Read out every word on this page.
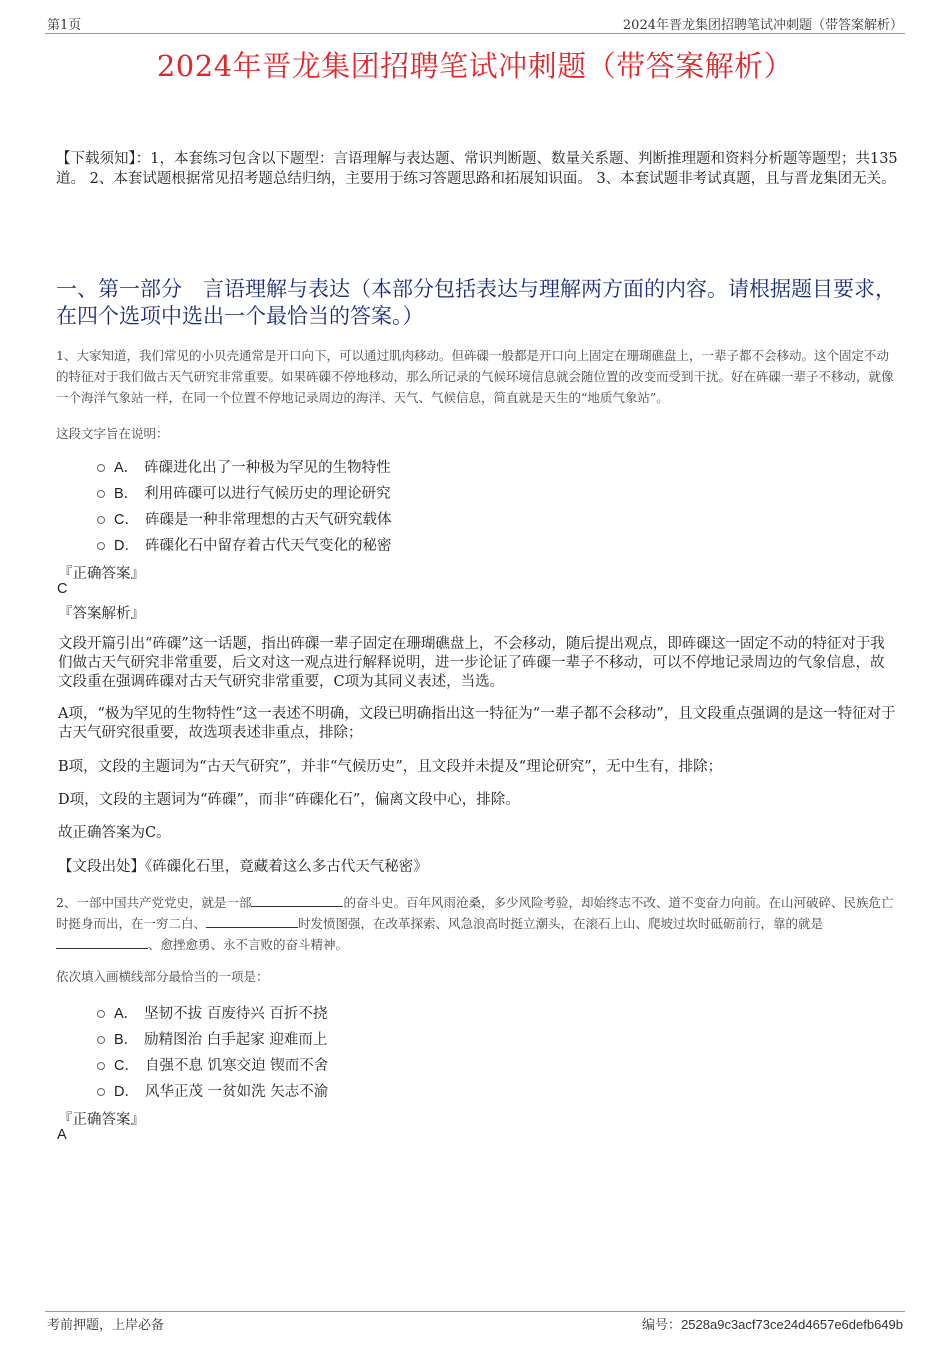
第1页	2024年晋龙集团招聘笔试冲刺题（带答案解析）
2024年晋龙集团招聘笔试冲刺题（带答案解析）
【下载须知】：1，本套练习包含以下题型：言语理解与表达题、常识判断题、数量关系题、判断推理题和资料分析题等题型；共135道。 2、本套试题根据常见招考题总结归纳，主要用于练习答题思路和拓展知识面。 3、本套试题非考试真题，且与晋龙集团无关。
一、第一部分　言语理解与表达（本部分包括表达与理解两方面的内容。请根据题目要求，在四个选项中选出一个最恰当的答案。）
1、大家知道，我们常见的小贝壳通常是开口向下，可以通过肌肉移动。但砗磲一般都是开口向上固定在珊瑚礁盘上，一辈子都不会移动。这个固定不动的特征对于我们做古天气研究非常重要。如果砗磲不停地移动，那么所记录的气候环境信息就会随位置的改变而受到干扰。好在砗磲一辈子不移动，就像一个海洋气象站一样，在同一个位置不停地记录周边的海洋、天气、气候信息，简直就是天生的“地质气象站”。
这段文字旨在说明：
A． 砗磲进化出了一种极为罕见的生物特性
B． 利用砗磲可以进行气候历史的理论研究
C． 砗磲是一种非常理想的古天气研究载体
D． 砗磲化石中留存着古代天气变化的秘密
『正确答案』
C
『答案解析』
文段开篇引出“砗磲”这一话题，指出砗磲一辈子固定在珊瑚礁盘上，不会移动，随后提出观点，即砗磲这一固定不动的特征对于我们做古天气研究非常重要，后文对这一观点进行解释说明，进一步论证了砗磲一辈子不移动，可以不停地记录周边的气象信息，故文段重在强调砗磲对古天气研究非常重要，C项为其同义表述，当选。
A项，“极为罕见的生物特性”这一表述不明确，文段已明确指出这一特征为“一辈子都不会移动”，且文段重点强调的是这一特征对于古天气研究很重要，故选项表述非重点，排除；
B项，文段的主题词为“古天气研究”，并非“气候历史”，且文段并未提及“理论研究”，无中生有，排除；
D项，文段的主题词为“砗磲”，而非“砗磲化石”，偏离文段中心，排除。
故正确答案为C。
【文段出处】《砗磲化石里，竟藏着这么多古代天气秘密》
2、一部中国共产党党史，就是一部	的奋斗史。百年风雨沧桑，多少风险考验，却始终志不改、道不变奋力向前。在山河破碎、民族危亡时挺身而出，在一穷二白、	时发愤图强，在改革探索、风急浪高时挺立潮头，在滚石上山、爬坡过坎时砥砺前行，靠的就是、愈挫愈勇、永不言败的奋斗精神。
依次填入画横线部分最恰当的一项是：
A． 坚韧不拔 百废待兴 百折不挠
B． 励精图治 白手起家 迎难而上
C． 自强不息 饥寒交迫 锲而不舍
D． 风华正茂 一贫如洗 矢志不渝
『正确答案』
A
考前押题，上岸必备	编号：2528a9c3acf73ce24d4657e6defb649b
